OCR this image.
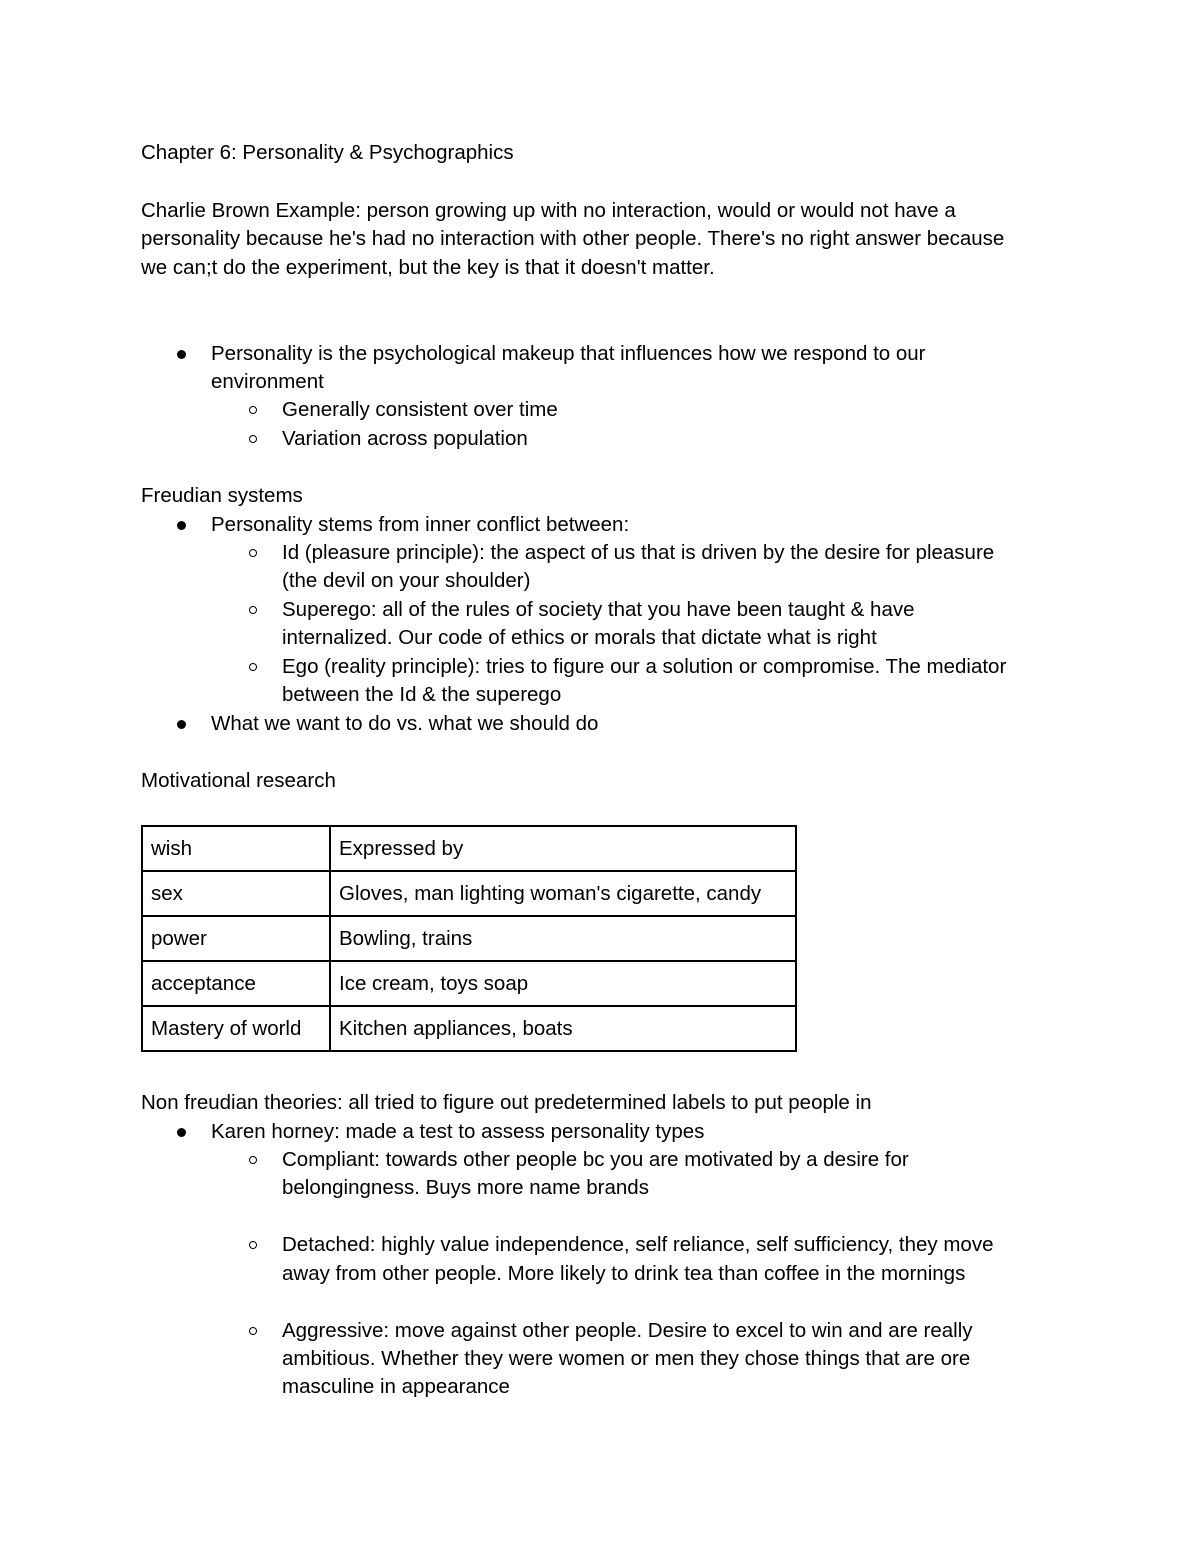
Chapter 6: Personality & Psychographics
Charlie Brown Example: person growing up with no interaction, would or would not have a
personality because he's had no interaction with other people. There's no right answer because
we can;t do the experiment, but the key is that it doesn't matter.
Personality is the psychological makeup that influences how we respond to our
environment
Generally consistent over time
Variation across population
Freudian systems
Personality stems from inner conflict between:
Id (pleasure principle): the aspect of us that is driven by the desire for pleasure
(the devil on your shoulder)
Superego: all of the rules of society that you have been taught & have
internalized. Our code of ethics or morals that dictate what is right
Ego (reality principle): tries to figure our a solution or compromise. The mediator
between the Id & the superego
What we want to do vs. what we should do
Motivational research
wish	Expressed by
sex	Gloves, man lighting woman's cigarette, candy
power	Bowling, trains
acceptance	Ice cream, toys soap
Mastery of world	Kitchen appliances, boats
Non freudian theories: all tried to figure out predetermined labels to put people in
Karen horney: made a test to assess personality types
Compliant: towards other people bc you are motivated by a desire for
belongingness. Buys more name brands
Detached: highly value independence, self reliance, self sufficiency, they move
away from other people. More likely to drink tea than coffee in the mornings
Aggressive: move against other people. Desire to excel to win and are really
ambitious. Whether they were women or men they chose things that are ore
masculine in appearance
